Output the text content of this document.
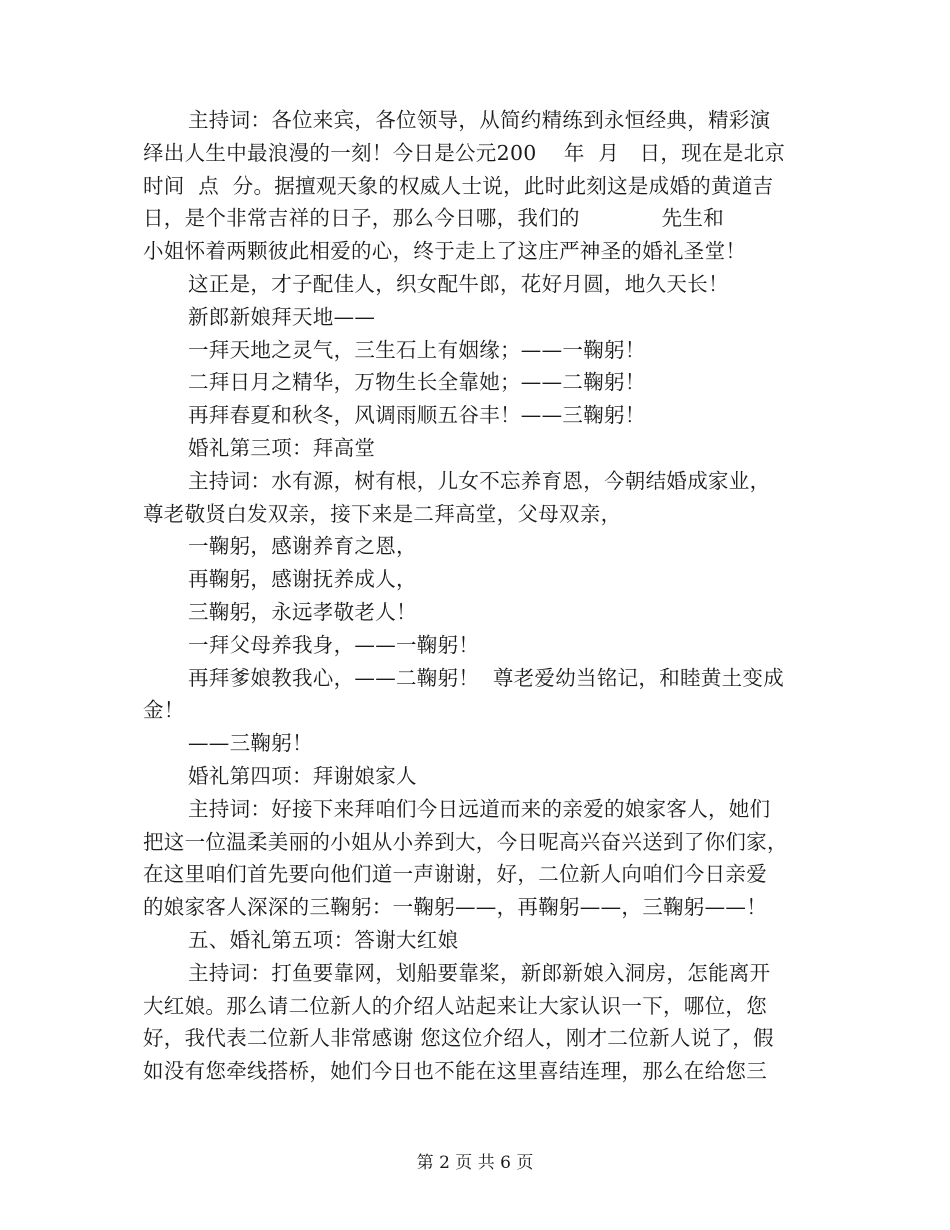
主持词：各位来宾，各位领导，从简约精练到永恒经典，精彩演
绎出人生中最浪漫的一刻！今日是公元200    年  月   日，现在是北京
时间  点  分。据擅观天象的权威人士说，此时此刻这是成婚的黄道吉
日，是个非常吉祥的日子，那么今日哪，我们的            先生和
小姐怀着两颗彼此相爱的心，终于走上了这庄严神圣的婚礼圣堂！
这正是，才子配佳人，织女配牛郎，花好月圆，地久天长！
新郎新娘拜天地——
一拜天地之灵气，三生石上有姻缘；——一鞠躬！
二拜日月之精华，万物生长全靠她；——二鞠躬！
再拜春夏和秋冬，风调雨顺五谷丰！——三鞠躬！
婚礼第三项：拜高堂
主持词：水有源，树有根，儿女不忘养育恩，今朝结婚成家业，
尊老敬贤白发双亲，接下来是二拜高堂，父母双亲，
一鞠躬，感谢养育之恩，
再鞠躬，感谢抚养成人，
三鞠躬，永远孝敬老人！
一拜父母养我身，——一鞠躬！
再拜爹娘教我心，——二鞠躬！  尊老爱幼当铭记，和睦黄土变成
金！
——三鞠躬！
婚礼第四项：拜谢娘家人
主持词：好接下来拜咱们今日远道而来的亲爱的娘家客人，她们
把这一位温柔美丽的小姐从小养到大，今日呢高兴奋兴送到了你们家，
在这里咱们首先要向他们道一声谢谢，好，二位新人向咱们今日亲爱
的娘家客人深深的三鞠躬：一鞠躬——，再鞠躬——，三鞠躬——！
五、婚礼第五项：答谢大红娘
主持词：打鱼要靠网，划船要靠桨，新郎新娘入洞房，怎能离开
大红娘。那么请二位新人的介绍人站起来让大家认识一下，哪位，您
好，我代表二位新人非常感谢 您这位介绍人，刚才二位新人说了，假
如没有您牵线搭桥，她们今日也不能在这里喜结连理，那么在给您三
第 2 页 共 6 页
